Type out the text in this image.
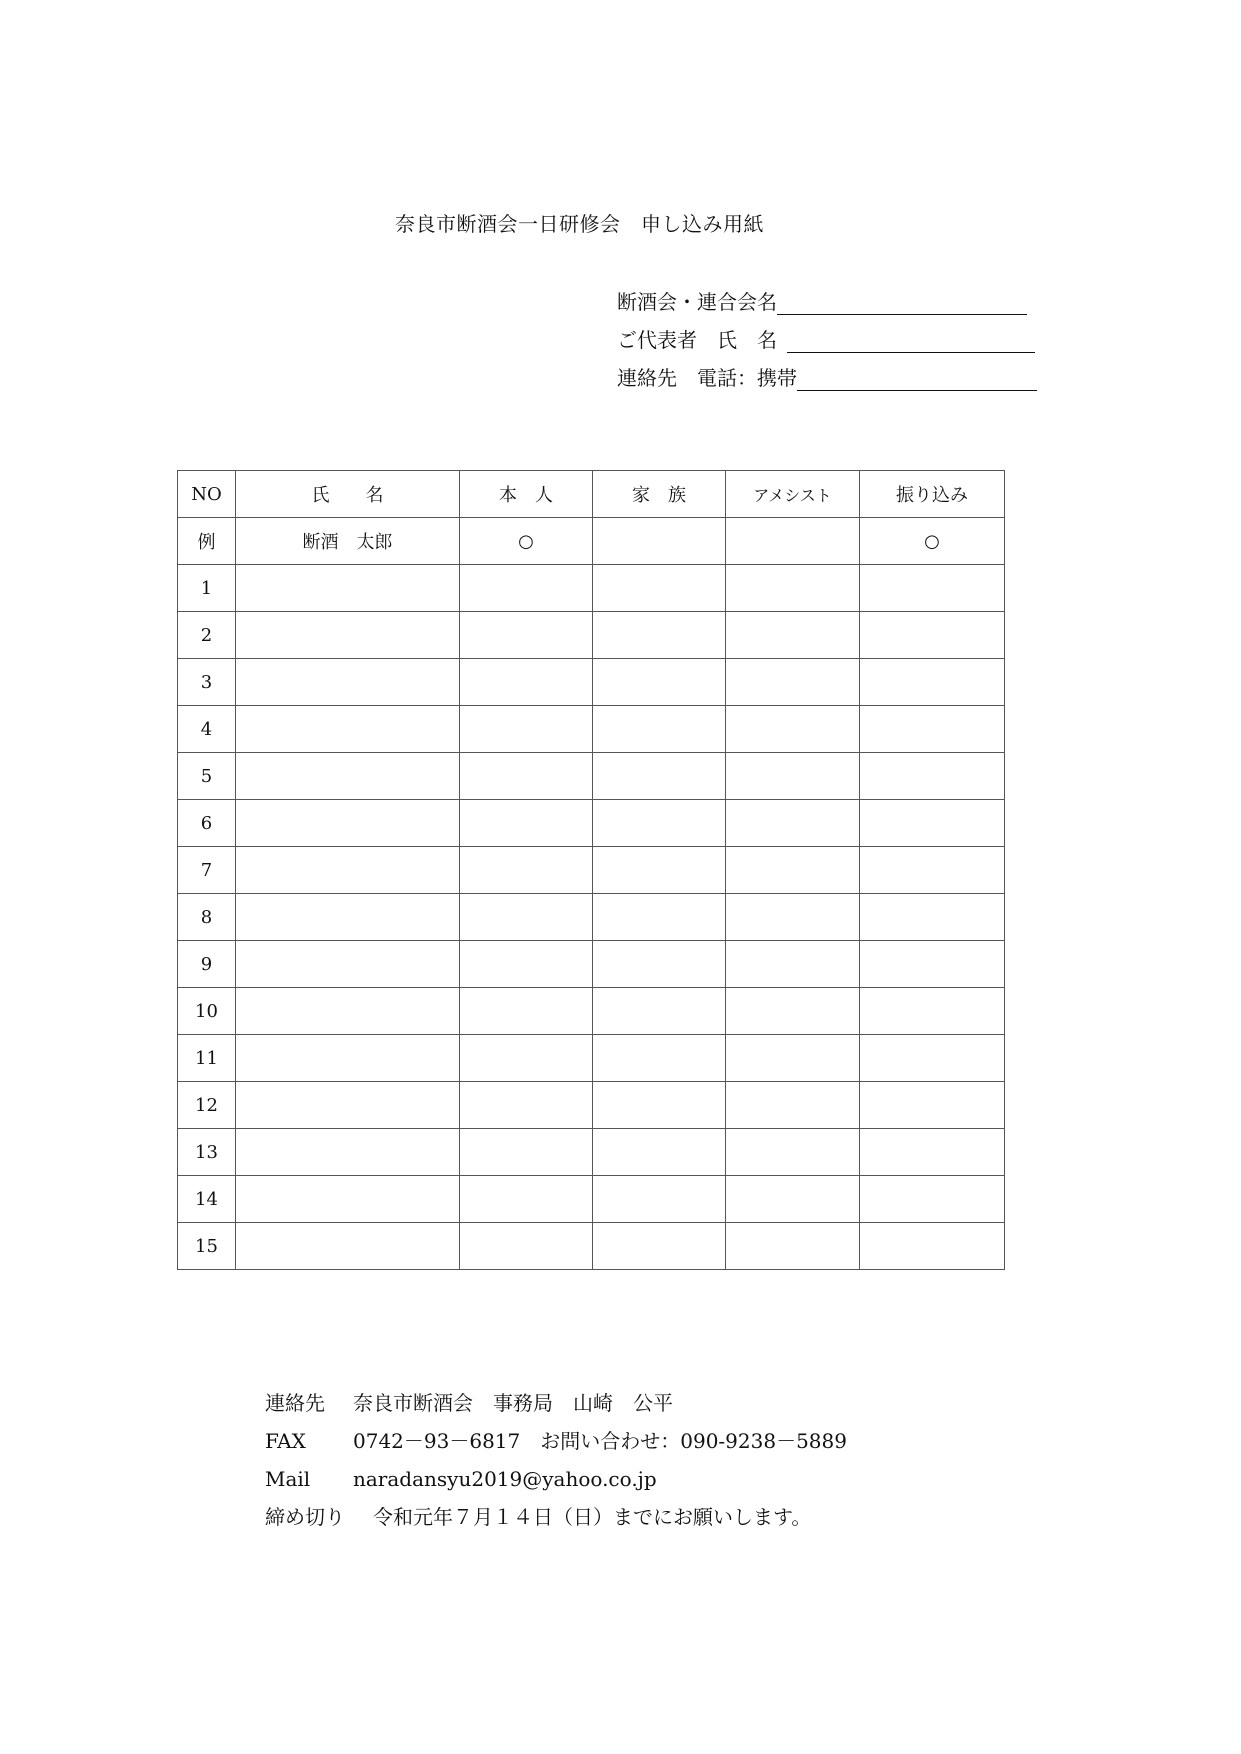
奈良市断酒会一日研修会　申し込み用紙
断酒会・連合会名
ご代表者　氏　名
連絡先　電話：携帯
NO	氏　　名	本　人	家　族	アメシスト	振り込み
例	断酒　太郎	○			○
1					
2					
3					
4					
5					
6					
7					
8					
9					
10					
11					
12					
13					
14					
15					
連絡先 奈良市断酒会　事務局　山崎　公平
FAX 0742－93－6817　お問い合わせ：090-9238－5889
Mail naradansyu2019@yahoo.co.jp
締め切り 令和元年７月１４日（日）までにお願いします。
